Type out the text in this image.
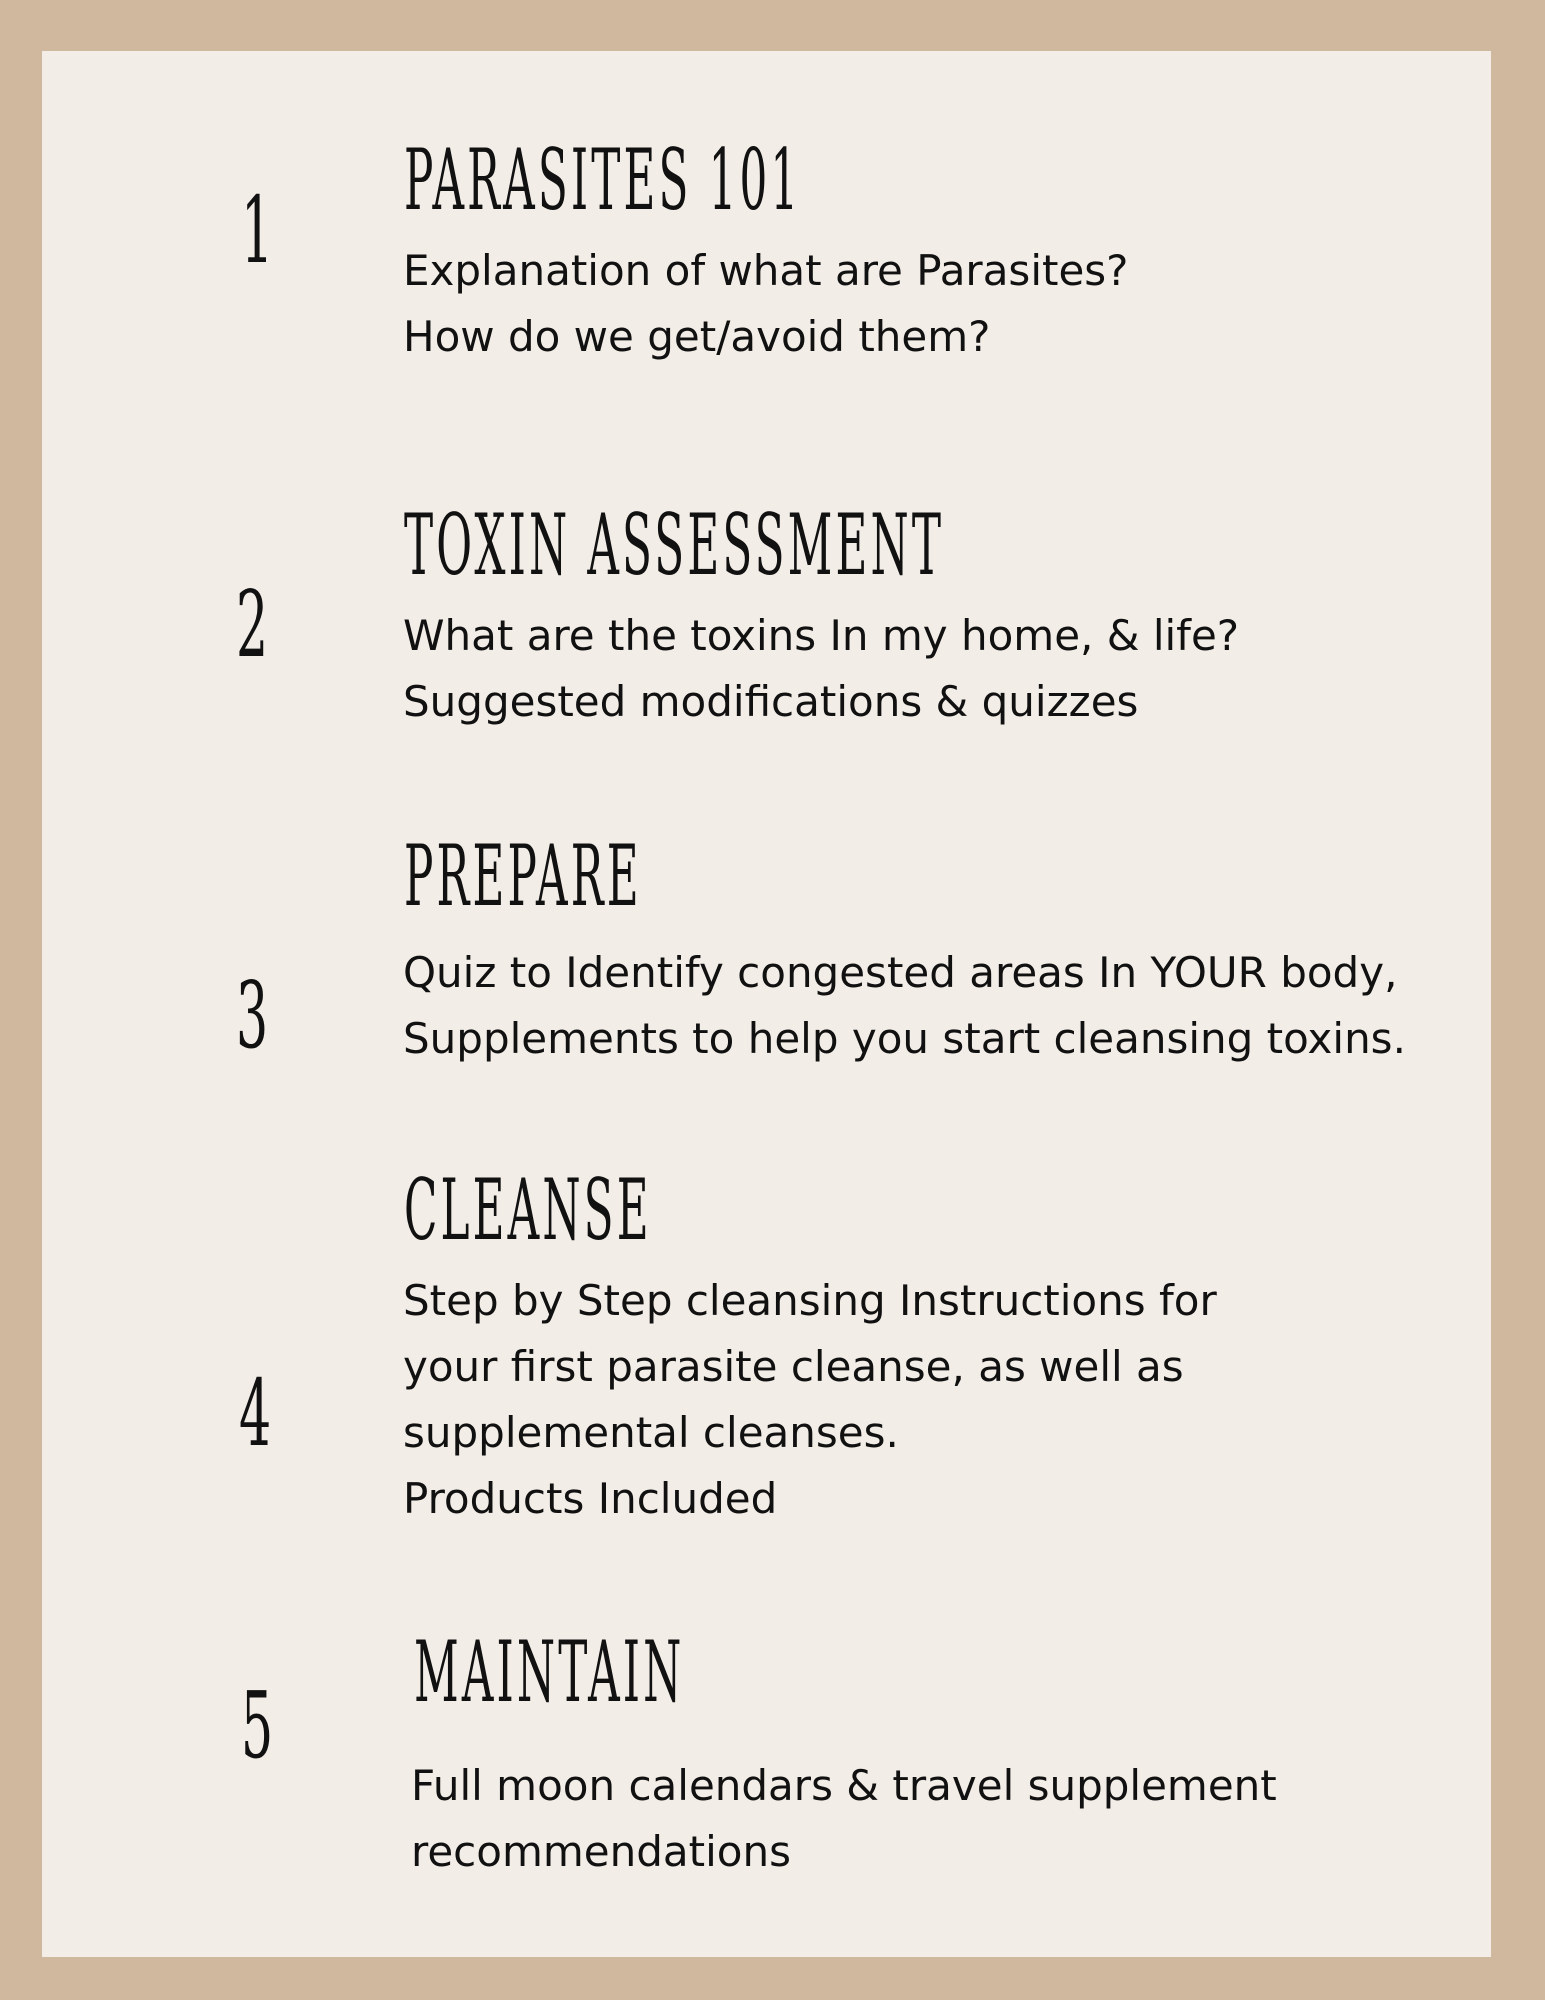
1 PARASITES 101
Explanation of what are Parasites?
How do we get/avoid them?
2
TOXIN ASSESSMENT
What are the toxins In my home, & life?
Suggested modifications & quizzes
3
PREPARE
Quiz to Identify congested areas In YOUR body,
Supplements to help you start cleansing toxins.
4
CLEANSE
Step by Step cleansing Instructions for
your first parasite cleanse, as well as
supplemental cleanses.
Products Included
5 MAINTAIN
Full moon calendars & travel supplement
recommendations
